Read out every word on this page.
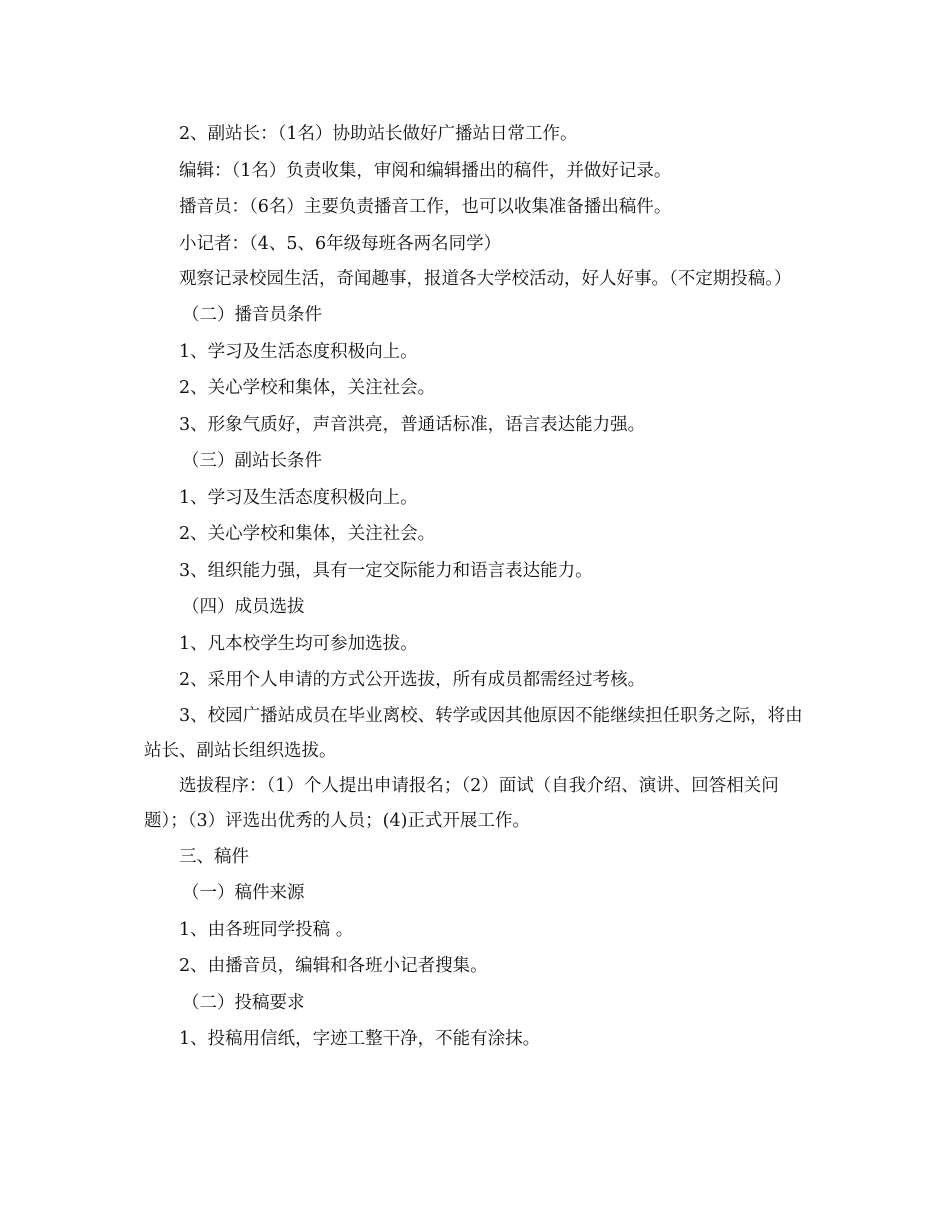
2、副站长：（1名）协助站长做好广播站日常工作。

编辑：（1名）负责收集，审阅和编辑播出的稿件，并做好记录。

播音员：（6名）主要负责播音工作，也可以收集准备播出稿件。

小记者：（4、5、6年级每班各两名同学）

观察记录校园生活，奇闻趣事，报道各大学校活动，好人好事。（不定期投稿。）

（二）播音员条件

1、学习及生活态度积极向上。

2、关心学校和集体，关注社会。

3、形象气质好，声音洪亮，普通话标准，语言表达能力强。

（三）副站长条件

1、学习及生活态度积极向上。

2、关心学校和集体，关注社会。

3、组织能力强，具有一定交际能力和语言表达能力。

（四）成员选拔

1、凡本校学生均可参加选拔。

2、采用个人申请的方式公开选拔，所有成员都需经过考核。

3、校园广播站成员在毕业离校、转学或因其他原因不能继续担任职务之际，将由站长、副站长组织选拔。

选拔程序：（1）个人提出申请报名；（2）面试（自我介绍、演讲、回答相关问题）；（3）评选出优秀的人员；(4)正式开展工作。

三、稿件

（一）稿件来源

1、由各班同学投稿 。

2、由播音员，编辑和各班小记者搜集。

（二）投稿要求

1、投稿用信纸，字迹工整干净，不能有涂抹。
